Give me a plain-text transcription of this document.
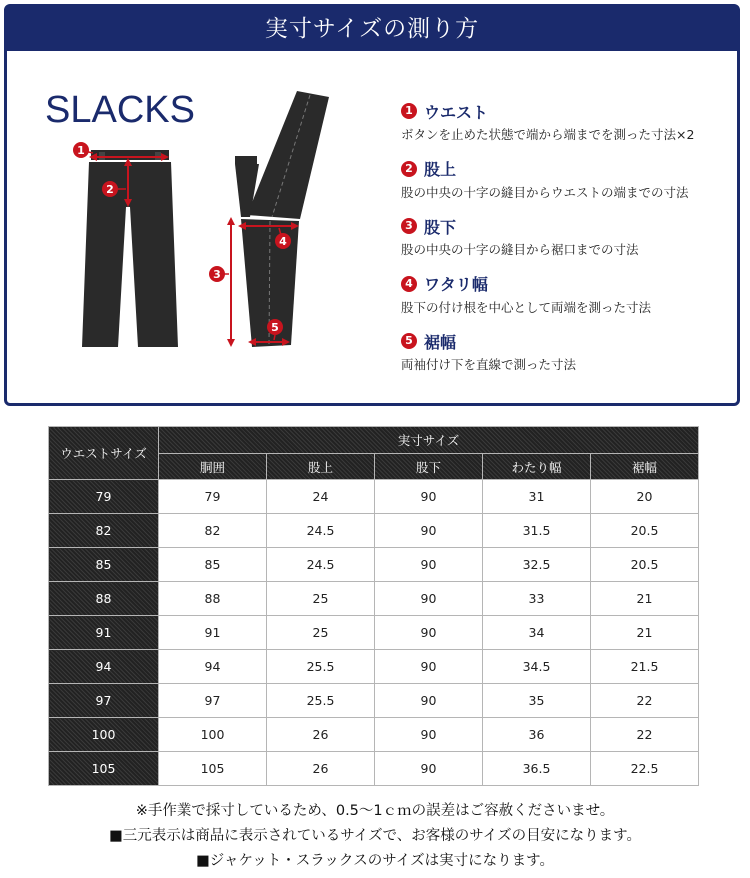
実寸サイズの測り方
SLACKS
1
2
3
4
5
1 ウエスト
ボタンを止めた状態で端から端までを測った寸法×2
2 股上
股の中央の十字の縫目からウエストの端までの寸法
3 股下
股の中央の十字の縫目から裾口までの寸法
4 ワタリ幅
股下の付け根を中心として両端を測った寸法
5 裾幅
両袖付け下を直線で測った寸法
ウエストサイズ	実寸サイズ				
	胴囲	股上	股下	わたり幅	裾幅
79	79	24	90	31	20
82	82	24.5	90	31.5	20.5
85	85	24.5	90	32.5	20.5
88	88	25	90	33	21
91	91	25	90	34	21
94	94	25.5	90	34.5	21.5
97	97	25.5	90	35	22
100	100	26	90	36	22
105	105	26	90	36.5	22.5
※手作業で採寸しているため、0.5～1ｃｍの誤差はご容赦くださいませ。
■三元表示は商品に表示されているサイズで、お客様のサイズの目安になります。
■ジャケット・スラックスのサイズは実寸になります。
